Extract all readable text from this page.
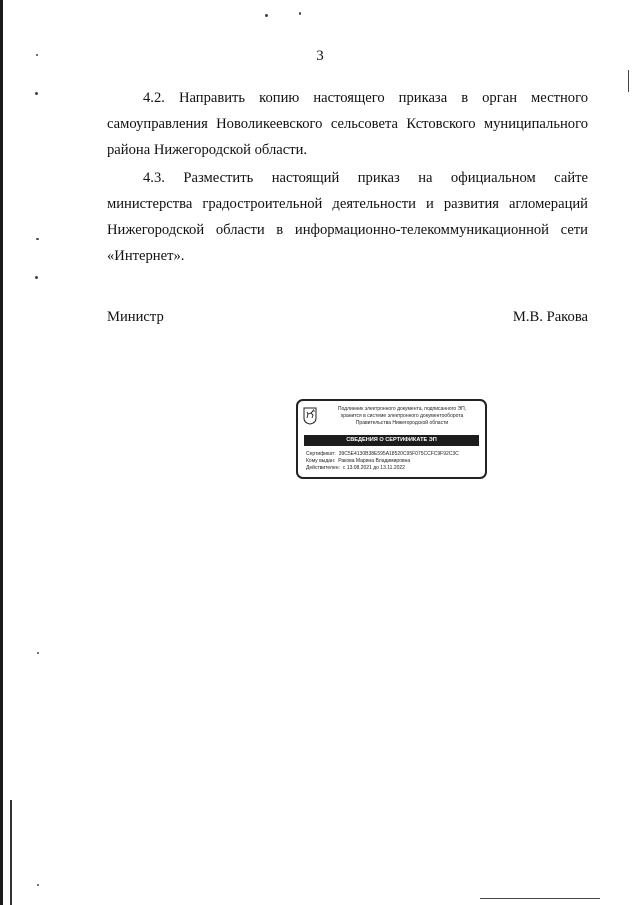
3
4.2. Направить копию настоящего приказа в орган местного самоуправления Новоликеевского сельсовета Кстовского муниципального района Нижегородской области.
4.3. Разместить настоящий приказ на официальном сайте министерства градостроительной деятельности и развития агломераций Нижегородской области в информационно-телекоммуникационной сети «Интернет».
Министр	М.В. Ракова
Подлинник электронного документа, подписанного ЭП,
хранится в системе электронного документооборота
Правительства Нижегородской области
СВЕДЕНИЯ О СЕРТИФИКАТЕ ЭП
Сертификат: 39C5E4130B38E595A18520C95F075CCFC9F92C3C
Кому выдан: Ракова Марина Владимировна
Действителен: с 13.08.2021 до 13.11.2022
